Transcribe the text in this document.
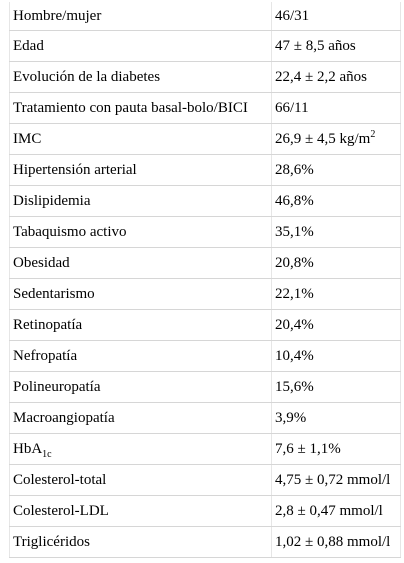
Hombre/mujer	46/31
Edad	47 ± 8,5 años
Evolución de la diabetes	22,4 ± 2,2 años
Tratamiento con pauta basal-bolo/BICI	66/11
IMC	26,9 ± 4,5 $kg/m^2$
Hipertensión arterial	28,6%
Dislipidemia	46,8%
Tabaquismo activo	35,1%
Obesidad	20,8%
Sedentarismo	22,1%
Retinopatía	20,4%
Nefropatía	10,4%
Polineuropatía	15,6%
Macroangiopatía	3,9%
HbA$_{1c}$	7,6 ± 1,1%
Colesterol-total	4,75 ± 0,72 mmol/l
Colesterol-LDL	2,8 ± 0,47 mmol/l
Triglicéridos	1,02 ± 0,88 mmol/l
